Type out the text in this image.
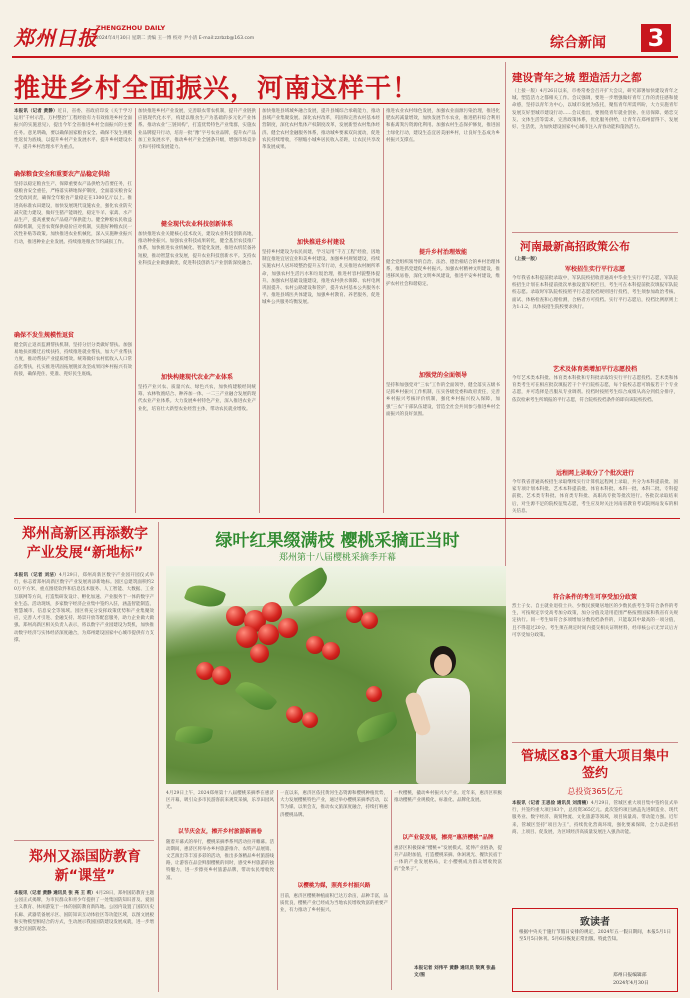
郑州日报
ZHENGZHOU DAILY
2024年4月30日 星期二 责编 王一博 校对 尹小清 E-mail:zzrbzb@163.com	综合新闻 3
推进乡村全面振兴，河南这样干！
本报讯（记者 黄静）近日，省委、省政府印发《关于学习运用“千村示范、万村整治”工程经验有力有效推进乡村全面振兴的实施意见》，提出今年全省推进乡村全面振兴的主要任务。意见明确，要以确保国家粮食安全、确保不发生规模性返贫为底线，以提升乡村产业发展水平、提升乡村建设水平、提升乡村治理水平为重点。
确保粮食安全和重要农产品稳定供给
坚持以稳定粮食生产、保障重要农产品供给为首要任务，扛稳粮食安全重任，严格落实耕地保护制度，全面落实粮食安全党政同责，确保全年粮食产量稳定在1300亿斤以上。推进高标准农田建设，加快发展现代设施农业，强化农业防灾减灾能力建设，做好生猪产能调控，稳定牛羊、家禽、水产品生产，提高重要农产品稳产保供能力。健全种粮农民收益保障机制，完善农资保供稳价应对机制，实施好种粮农民一次性补贴等政策。加快推进农业机械化，深入实施种业振兴行动，推进种业企业发展。持续推进粮食节约减损工作。
确保不发生规模性返贫
健全防止返贫监测帮扶机制，坚持分层分类做好帮扶。加强易地扶贫搬迁后续扶持，持续推进就业帮扶，加大产业帮扶力度，推动帮扶产业提质增效。统筹做好农村低收入人口常态化帮扶，扎实推进巩固拓展脱贫攻坚成果同乡村振兴有效衔接，确保兜住、兜准、兜好民生底线。
加快推进乡村产业发展，完善联农带农机制，提升产业链供应链现代化水平，构建以粮食生产为基础的多元化产业体系。推动农业“三链同构”，打造优势特色产业集群，实施农业品牌提升行动，培育一批“豫”字号农业品牌，提升农产品加工业发展水平，推动乡村产业全链条升级，增强市场竞争力和可持续发展能力。
健全现代农业科技创新体系
加快推进农业关键核心技术攻关，建设农业科技创新高地，推动种业振兴。加强农业科技成果转化，健全基层农技推广体系，加快推进农业机械化、智能化发展，推进农机装备补短板，推动智慧农业发展，提升农业科技创新水平。支持农业科技企业做强做优，促进科技创新与产业创新深度融合。
加快构建现代农业产业体系
坚持产业兴农、质量兴农、绿色兴农，加快构建粮经饲统筹、农林牧渔结合、种养加一体、一二三产业融合发展的现代农业产业体系。大力发展乡村特色产业，深入推进农业产业化，培育壮大新型农业经营主体，带动农民就业增收。
加快推进县域城乡融合发展，提升县城综合承载能力，推动县域产业集聚发展。深化农村改革，巩固和完善农村基本经营制度，深化农村集体产权制度改革，发展新型农村集体经济。健全农村金融服务体系，推动城乡要素双向流动，促进农民持续增收，不断缩小城乡居民收入差距，让农民共享改革发展成果。
加快推进乡村建设
坚持乡村建设为农民而建，学习运用“千万工程”经验，因地制宜推进宜居宜业和美乡村建设。加强乡村规划建设，持续实施农村人居环境整治提升五年行动，扎实推进农村厕所革命，加强农村生活污水和垃圾治理，推进村容村貌整体提升。加强农村基础设施建设，推进农村供水保障、农村电网巩固提升、农村公路建设和管护，提升农村基本公共服务水平。推进县域医共体建设，加强乡村教育、养老服务，促进城乡公共服务均衡发展。
推进农业农村绿色发展，加强农业面源污染治理，推进化肥农药减量增效，加快发展节水农业，推进秸秆综合利用和畜禽粪污资源化利用。加强农村生态保护修复，推进国土绿化行动，建设生态宜居美丽乡村，让良好生态成为乡村振兴支撑点。
提升乡村治理效能
健全党组织领导的自治、法治、德治相结合的乡村治理体系，推进抓党建促乡村振兴。加强农村精神文明建设，推进移风易俗，深化文明乡风建设，推进平安乡村建设，维护农村社会和谐稳定。
加强党的全面领导
坚持和加强党对“三农”工作的全面领导，健全落实五级书记抓乡村振兴工作机制，压实各级党委和政府责任，完善乡村振兴考核评价机制，强化乡村振兴投入保障，加强“三农”干部队伍建设，营造全社会共同参与推进乡村全面振兴的良好氛围。
建设青年之城 塑造活力之都
（上接一版）4月26日以来，市委常委会召开扩大会议，研究部署加快建设青年之城、塑造活力之都相关工作。会议强调，要进一步增强做好青年工作的责任感和使命感，坚持以青年为中心，以城市发展为依托，聚焦青年所需所盼，大力实施青年发展友好型城市建设行动……会议指出，要围绕青年就业创业、住房保障、婚恋交友、文体生活等需求，完善政策体系，优化服务供给，让青年在郑州留得下、发展好、生活优，为加快建设国家中心城市注入青春动能和蓬勃活力。
河南最新高招政策公布
（上接一版）
军校招生实行平行志愿
今年我省本科提前批录取中，军队院校招收普通高中毕业生实行平行志愿，军队院校招生计划在本科提前批次单独设置军校栏目，考生可在本科提前批次填报军队院校志愿。录取时军队院校按照平行志愿投档规则进行投档，考生须参加政治考核、面试、体格检查和心理检测，合格者方可投档。实行平行志愿后，投档比例原则上为1:1.2，具体按招生院校要求执行。
艺术及体育类增加平行志愿投档
今年艺术类本科批、体育类本科批和专科批录取均实行平行志愿投档。艺术类和体育类考生可在相应批次填报若干个平行院校志愿，每个院校志愿可填报若干个专业志愿，并可选择是否服从专业调剂。投档时按照考生综合成绩从高分到低分排序，依次检索考生所填报的平行志愿，符合院校投档条件的即向该院校投档。
远程网上录取分了个批次进行
今年我省普通高校招生录取继续实行计算机远程网上录取，共分为本科提前批、国家专项计划本科批、艺术本科提前批、体育本科批、本科一批、本科二批、专科提前批、艺术类专科批、体育类专科批、高职高专批等批次进行。各批次录取结束后，对生源不足的院校征集志愿，考生应及时关注河南省教育考试院网站发布的相关信息。
符合条件的考生可享受加分政策
烈士子女、自主就业退役士兵、少数民族聚居地区的少数民族考生等符合条件的考生，可按规定享受高考加分政策，加分分值及适用范围严格按照国家和我省有关规定执行。同一考生如符合多项增加分数投档条件的，只能取其中最高的一项分值，且不得超过20分。考生须在规定时间内提交相关证明材料，经审核公示无异议后方可享受加分政策。
郑州高新区再添数字产业发展“新地标”
本报讯（记者 刘洁）4月29日，郑州高新区数字产业园开园仪式举行，标志着郑州高新区数字产业发展再添新地标。园区总建筑面积约20万平方米，重点围绕软件和信息技术服务、人工智能、大数据、工业互联网等方向，打造集研发设计、孵化加速、产业服务于一体的数字产业生态。活动现场，多家数字经济企业集中签约入驻，涵盖智能制造、智慧城市、信息安全等领域。园区将充分发挥政策优势和产业集聚效应，完善人才引进、金融支持、场景开放等配套服务，助力企业做大做强。郑州高新区相关负责人表示，将以数字产业园建设为契机，加快推动数字经济与实体经济深度融合，为郑州建设国家中心城市提供有力支撑。
郑州又添国防教育新“课堂”
本报讯（记者 黄静 通讯员 张 亮 王 莉）4月28日，郑州国防教育主题公园正式揭牌，为市民群众和青少年提供了一处集国防知识普及、爱国主义教育、休闲游览于一体的国防教育新阵地。公园内设置了国防历史长廊、武器装备展示区、国防知识互动体验区等功能区域，以图文展板和实物模型相结合的方式，生动展示我国国防建设发展成就，进一步增强全民国防观念。
绿叶红果缀满枝 樱桃采摘正当时
郑州第十八届樱桃采摘季开幕
4月29日上午，2024郑州第十八届樱桃采摘季在惠济区开幕，吸引众多市民游客前来观赏采摘，乐享田园风光。
以节庆会友，擦开乡村旅游新画卷
随着开幕式的举行，樱桃采摘季系列活动拉开帷幕。活动期间，惠济区将举办乡村旅游推介、农特产品展销、文艺演出等丰富多彩的活动，推出多条精品乡村旅游线路，让游客在品尝鲜甜樱桃的同时，感受乡村旅游的独特魅力，进一步擦亮乡村旅游品牌，带动农民增收致富。
一直以来，惠济区依托黄河生态资源和樱桃种植优势，大力发展樱桃特色产业，通过举办樱桃采摘季活动，以节为媒、以果会友，推动农文旅深度融合，持续打响惠济樱桃品牌。
以樱桃为媒，照亮乡村振兴路
目前，惠济区樱桃种植面积已达万余亩，品种丰富，品质优良，樱桃产业已经成为当地农民增收致富的重要产业，有力推动了乡村振兴。
一枚樱桃，撬动乡村振兴大产业。近年来，惠济区积极推动樱桃产业规模化、标准化、品牌化发展。
以产业促发展，擦亮“惠济樱桃”品牌
惠济区积极探索“樱桃+”发展模式，延伸产业链条，提升产品附加值，打造樱桃采摘、休闲观光、餐饮民宿于一体的产业发展格局，让小樱桃成为群众增收致富的“金果子”。
本报记者 刘伟平 黄静 通讯员 梁爽 张晶 文/图
管城区83个重大项目集中签约
总投资365亿元
本报讯（记者 王思俭 通讯员 刘清楠）4月29日，管城区重大项目集中签约仪式举行，共签约重大项目83个，总投资365亿元。此次签约项目涵盖先进制造业、现代服务业、数字经济、商贸物流、文化旅游等领域，项目质量高、带动能力强。近年来，管城区坚持“项目为王”，持续优化营商环境，强化要素保障，全力以赴抓招商、上项目、促发展，为区域经济高质量发展注入强劲动能。
致读者
根据中央关于施行节假日安排的规定，2024年五一假日期间，本报5月1日至5月5日休刊。5月6日恢复正常出版。特此告知。
郑州日报编辑部
2024年4月30日
